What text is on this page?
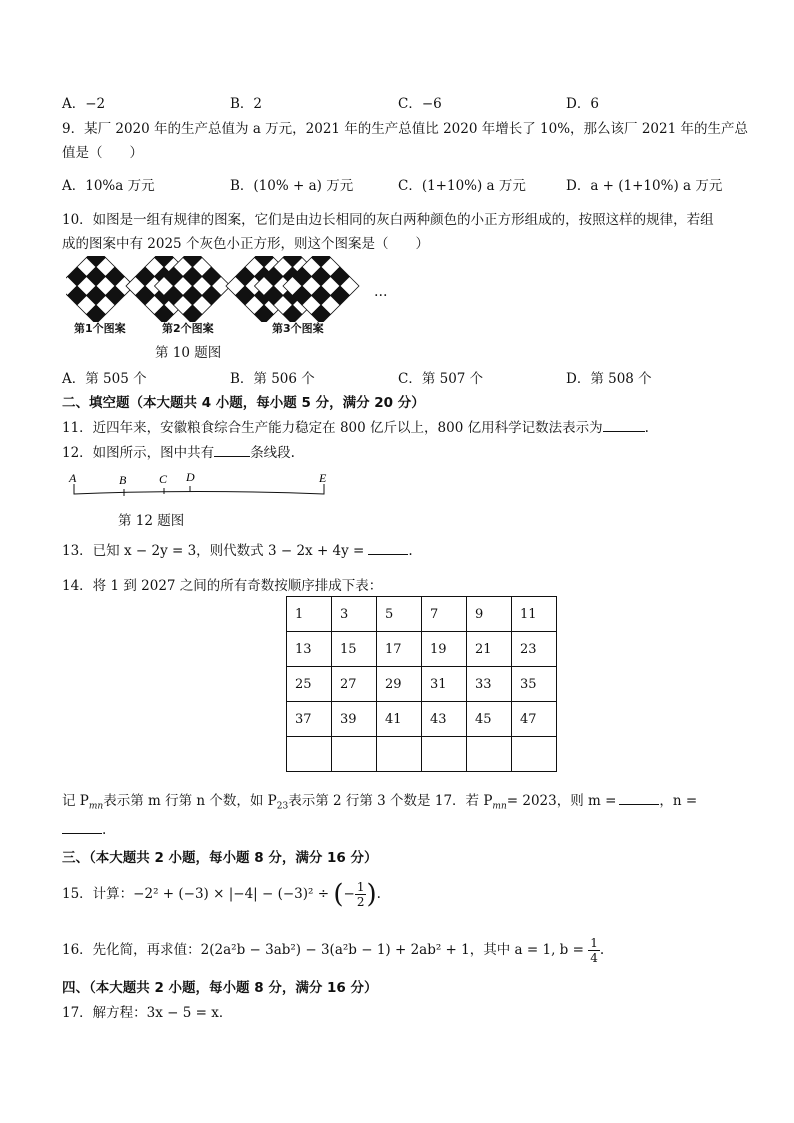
A．−2	B．2	C．−6	D．6
9．某厂 2020 年的生产总值为 a 万元，2021 年的生产总值比 2020 年增长了 10%，那么该厂 2021 年的生产总
值是（　　）
A．10%a 万元	B．(10% + a) 万元	C．(1+10%) a 万元	D．a + (1+10%) a 万元
10．如图是一组有规律的图案，它们是由边长相同的灰白两种颜色的小正方形组成的，按照这样的规律，若组
成的图案中有 2025 个灰色小正方形，则这个图案是（　　）
…
第1个图案	第2个图案	第3个图案
第 10 题图
A．第 505 个	B．第 506 个	C．第 507 个	D．第 508 个
二、填空题（本大题共 4 小题，每小题 5 分，满分 20 分）
11．近四年来，安徽粮食综合生产能力稳定在 800 亿斤以上，800 亿用科学记数法表示为	.
12．如图所示，图中共有	条线段.
A	B	C D	E
第 12 题图
13．已知 x − 2y = 3，则代数式 3 − 2x + 4y =	.
14．将 1 到 2027 之间的所有奇数按顺序排成下表：
1	3	5	7	9	11
13	15	17	19	21	23
25	27	29	31	33	35
37	39	41	43	45	47

记 $P_{mn}$表示第 m 行第 n 个数，如 $P_{23}$表示第 2 行第 3 个数是 17．若 $P_{mn}= 2023$，则 m =	，n =
.
三、（本大题共 2 小题，每小题 8 分，满分 16 分）
15．计算：−2² + (−3) × |−4| − (−3)² ÷ (− $\frac{1}{2}$ ).
16．先化简，再求值：2(2a²b − 3ab²) − 3(a²b − 1) + 2ab² + 1，其中 a = 1, $b = \frac{1}{4}$ .
四、（本大题共 2 小题，每小题 8 分，满分 16 分）
17．解方程：3x − 5 = x．
